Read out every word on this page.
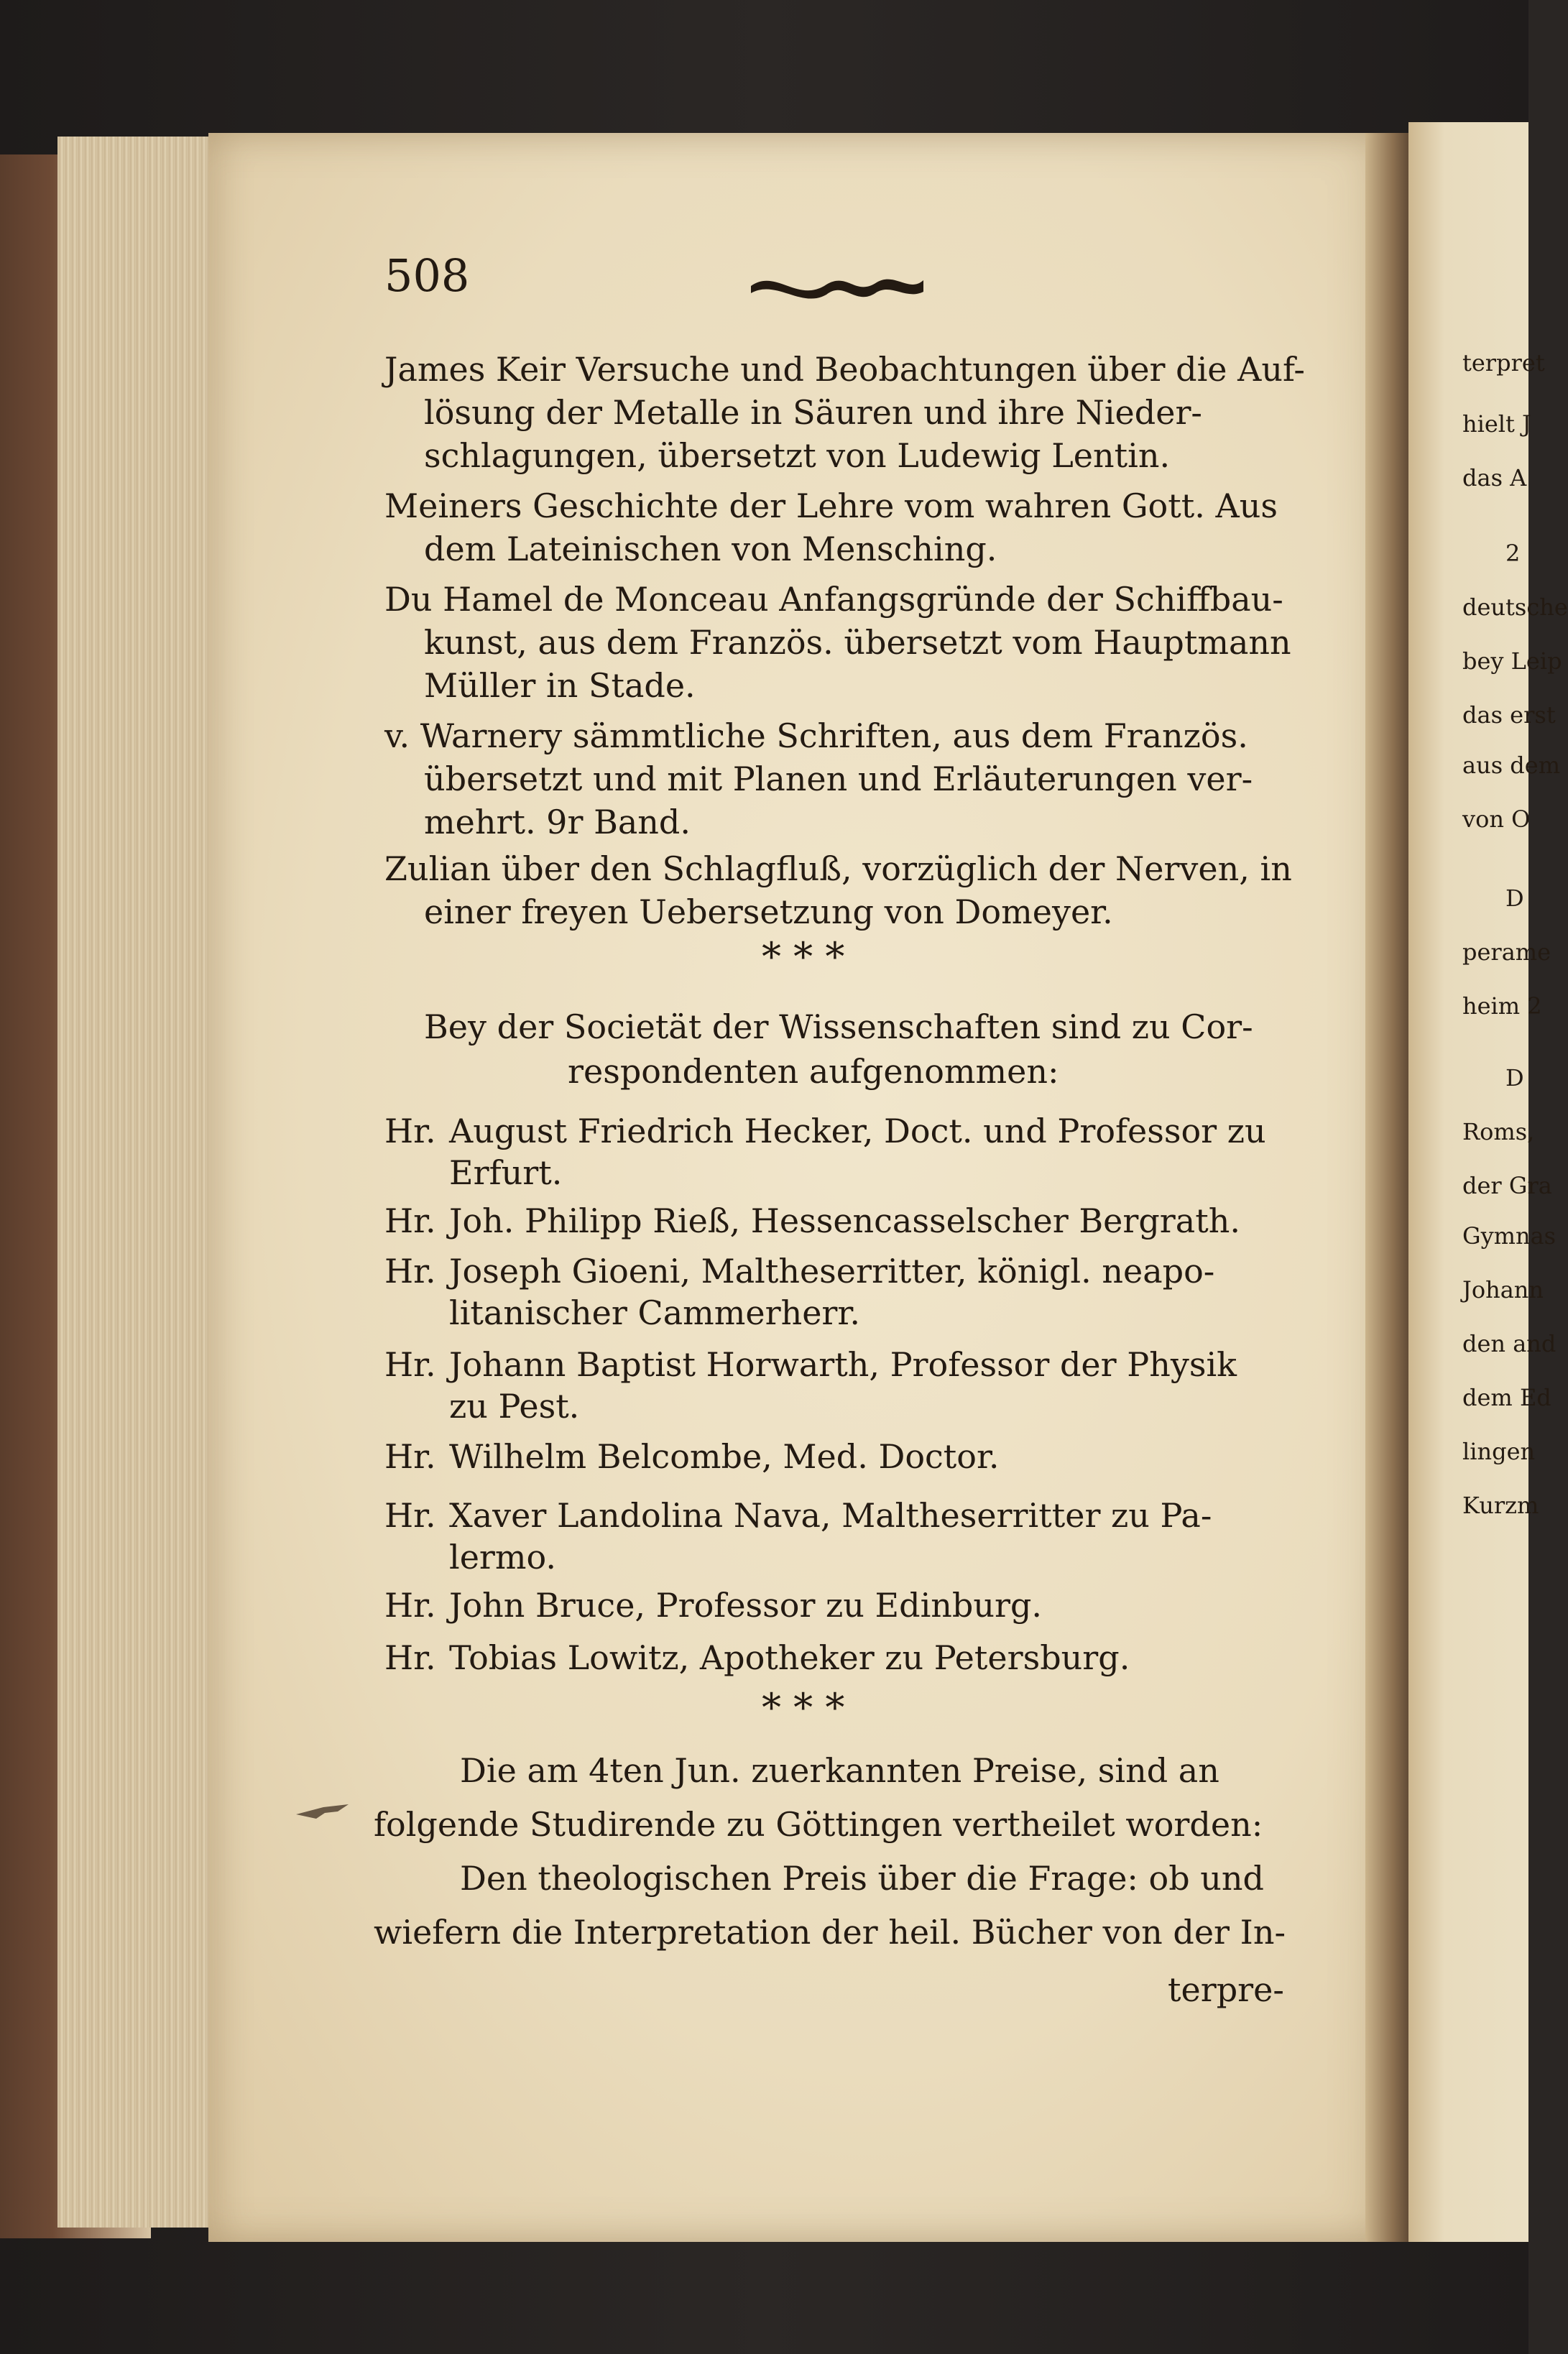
508
James Keir Versuche und Beobachtungen über die Auf-
lösung der Metalle in Säuren und ihre Nieder-
schlagungen, übersetzt von Ludewig Lentin.
Meiners Geschichte der Lehre vom wahren Gott. Aus
dem Lateinischen von Mensching.
Du Hamel de Monceau Anfangsgründe der Schiffbau-
kunst, aus dem Französ. übersetzt vom Hauptmann
Müller in Stade.
v. Warnery sämmtliche Schriften, aus dem Französ.
übersetzt und mit Planen und Erläuterungen ver-
mehrt. 9r Band.
Zulian über den Schlagfluß, vorzüglich der Nerven, in
einer freyen Uebersetzung von Domeyer.
* * *
Bey der Societät der Wissenschaften sind zu Cor-
respondenten aufgenommen:
Hr. August Friedrich Hecker, Doct. und Professor zu
Erfurt.
Hr. Joh. Philipp Rieß, Hessencasselscher Bergrath.
Hr. Joseph Gioeni, Maltheserritter, königl. neapo-
litanischer Cammerherr.
Hr. Johann Baptist Horwarth, Professor der Physik
zu Pest.
Hr. Wilhelm Belcombe, Med. Doctor.
Hr. Xaver Landolina Nava, Maltheserritter zu Pa-
lermo.
Hr. John Bruce, Professor zu Edinburg.
Hr. Tobias Lowitz, Apotheker zu Petersburg.
* * *
Die am 4ten Jun. zuerkannten Preise, sind an
folgende Studirende zu Göttingen vertheilet worden:
Den theologischen Preis über die Frage: ob und
wiefern die Interpretation der heil. Bücher von der In-
terpre-
terpret
hielt J
das A
2
deutsche
bey Leip
das erst
aus dem
von O
D
perame
heim 2
D
Roms,
der Gra
Gymnas
Johann
den and
dem Ed
lingen
Kurzm
